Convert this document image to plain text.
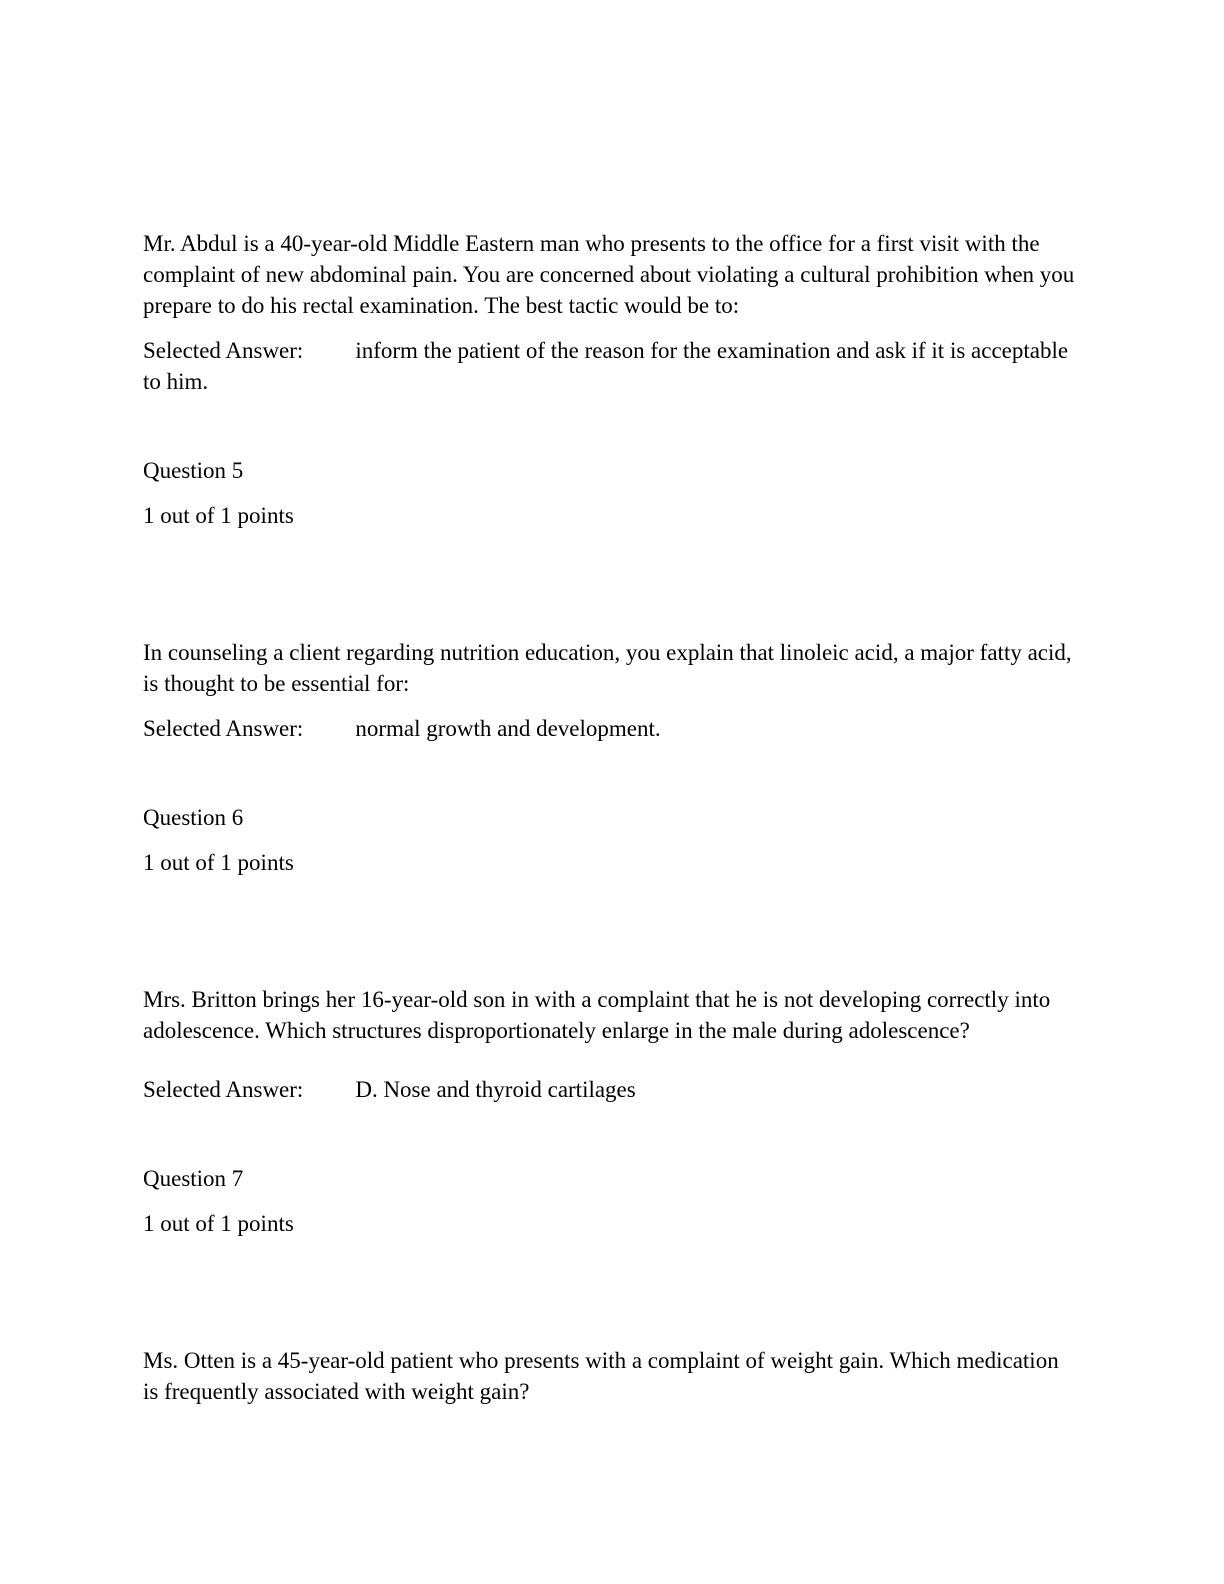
Mr. Abdul is a 40-year-old Middle Eastern man who presents to the office for a first visit with the complaint of new abdominal pain. You are concerned about violating a cultural prohibition when you prepare to do his rectal examination. The best tactic would be to:

Selected Answer: inform the patient of the reason for the examination and ask if it is acceptable to him.

Question 5

1 out of 1 points

In counseling a client regarding nutrition education, you explain that linoleic acid, a major fatty acid, is thought to be essential for:

Selected Answer: normal growth and development.

Question 6

1 out of 1 points

Mrs. Britton brings her 16-year-old son in with a complaint that he is not developing correctly into adolescence. Which structures disproportionately enlarge in the male during adolescence?

Selected Answer: D. Nose and thyroid cartilages

Question 7

1 out of 1 points

Ms. Otten is a 45-year-old patient who presents with a complaint of weight gain. Which medication is frequently associated with weight gain?
